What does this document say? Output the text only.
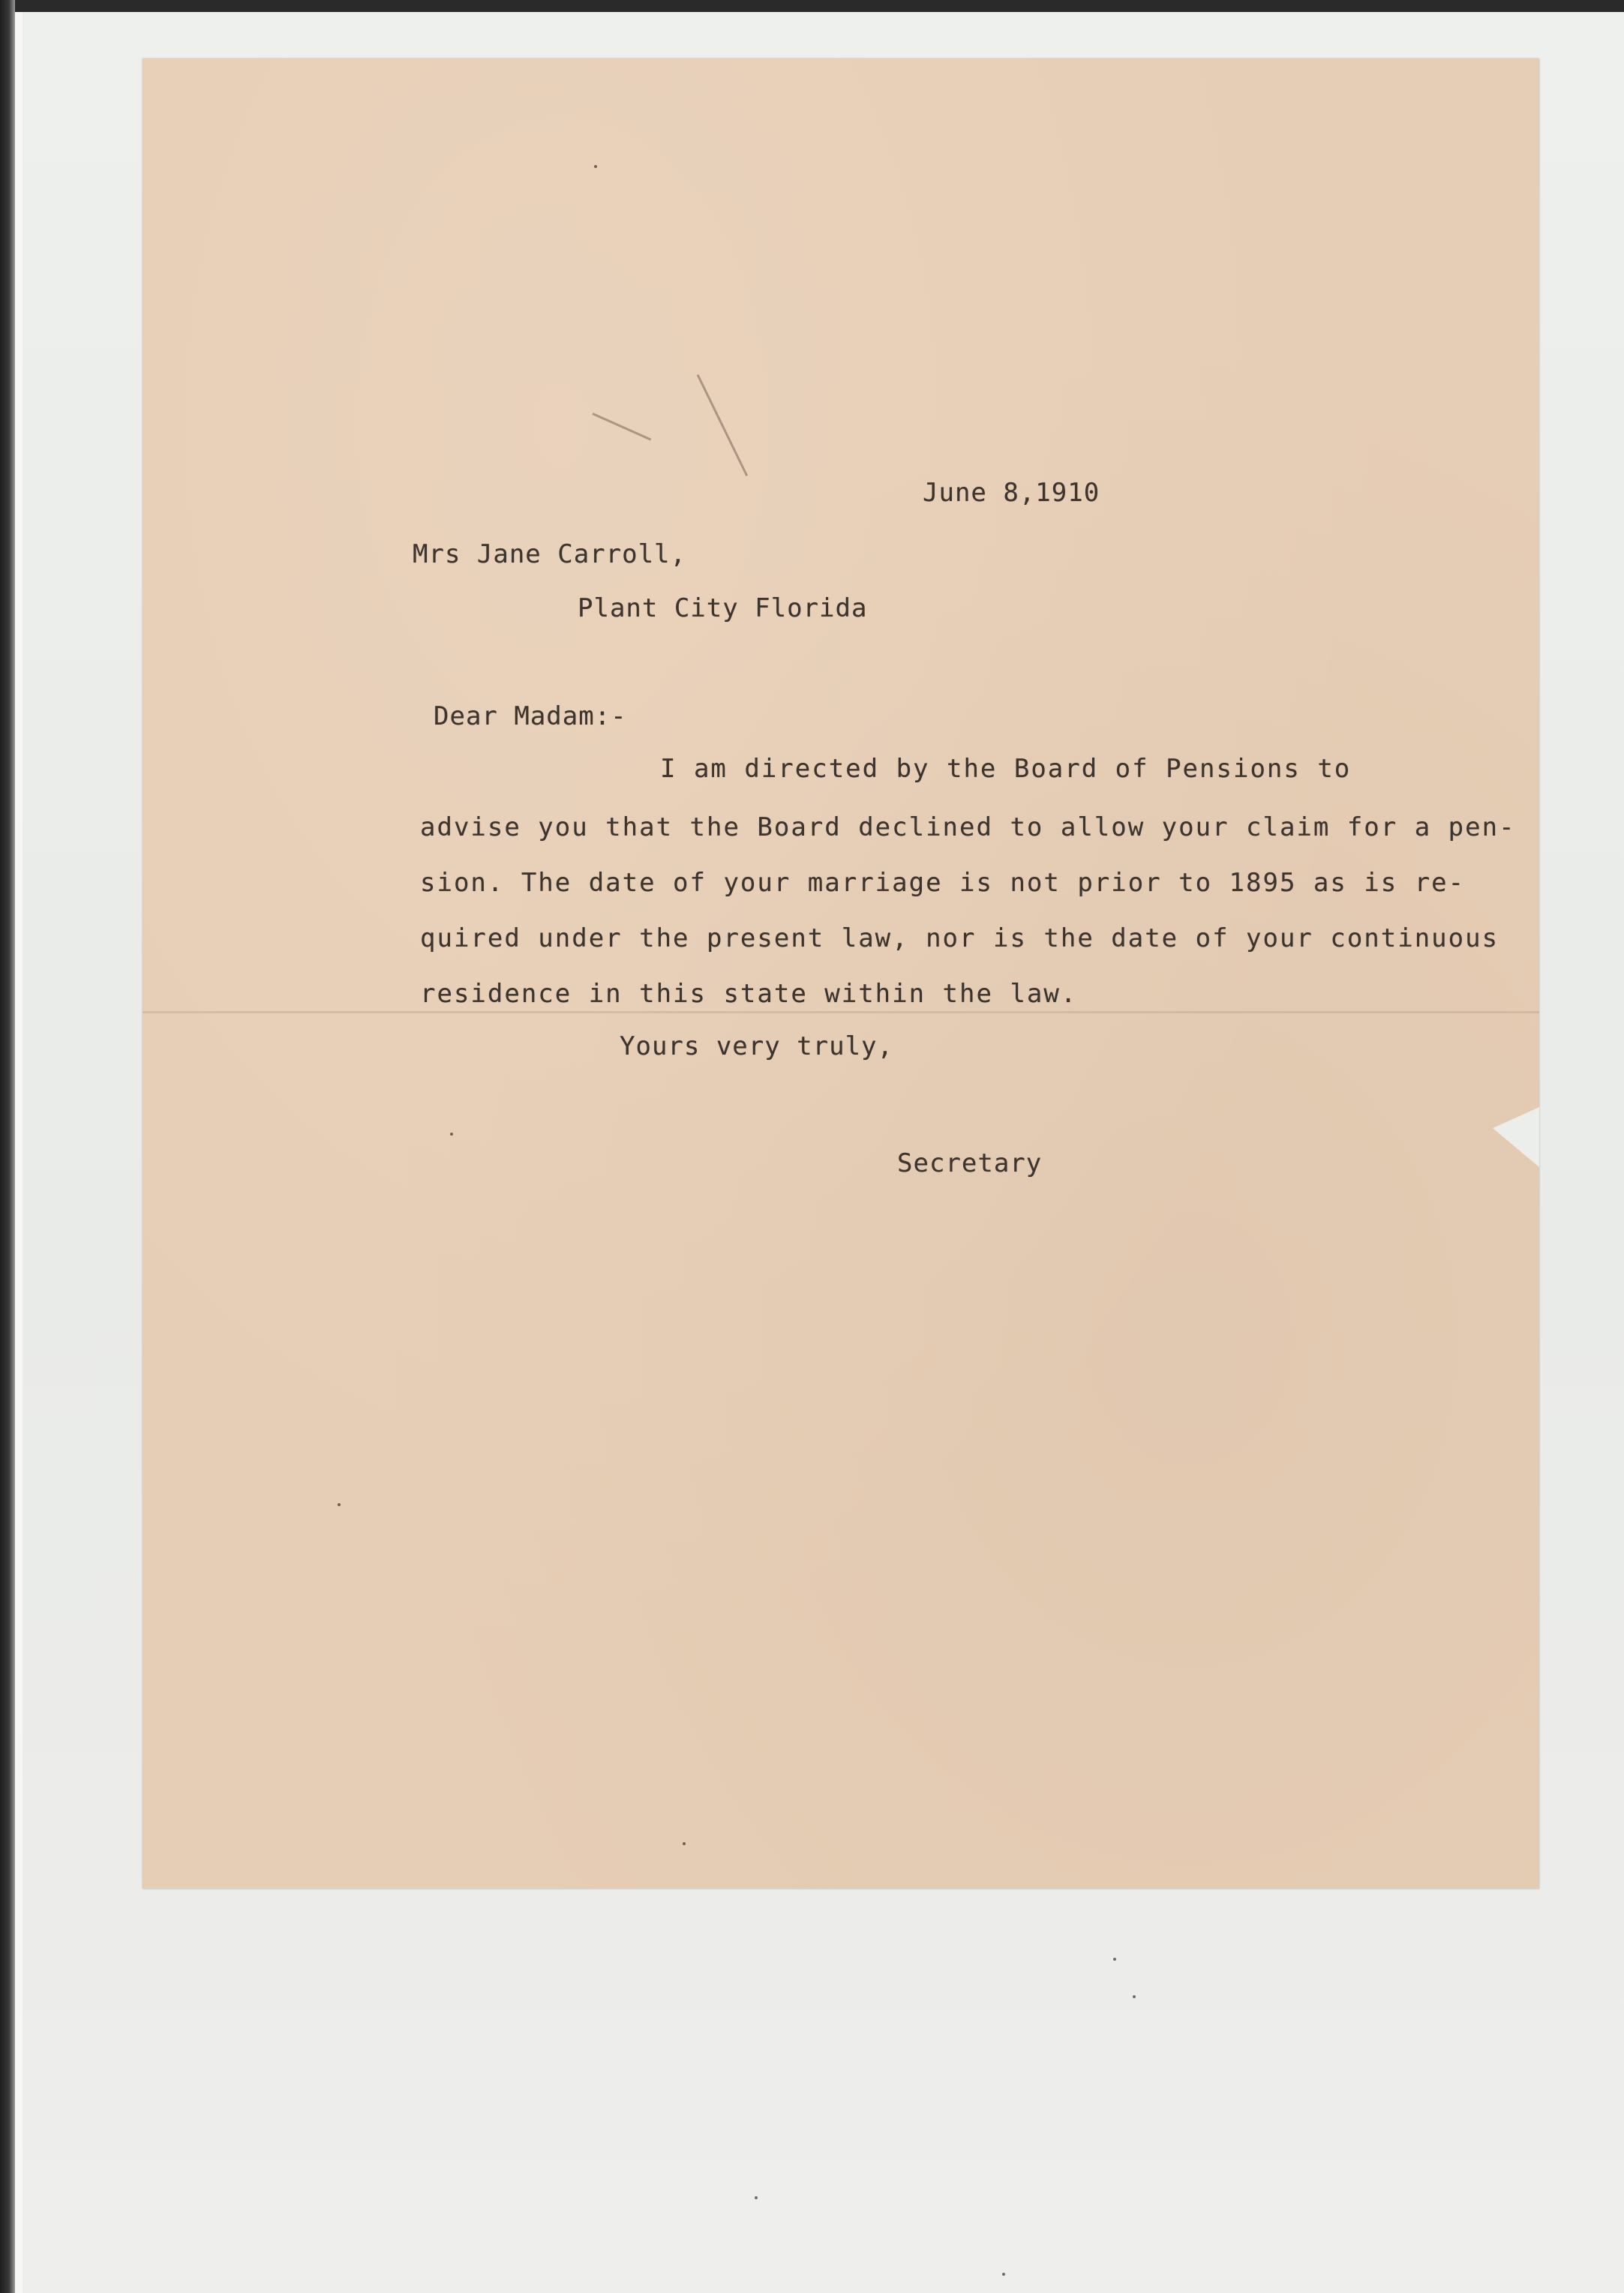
June 8,1910
Mrs Jane Carroll,
Plant City Florida
Dear Madam:-
I am directed by the Board of Pensions to
advise you that the Board declined to allow your claim for a pen-
sion. The date of your marriage is not prior to 1895 as is re-
quired under the present law, nor is the date of your continuous
residence in this state within the law.
Yours very truly,
Secretary
